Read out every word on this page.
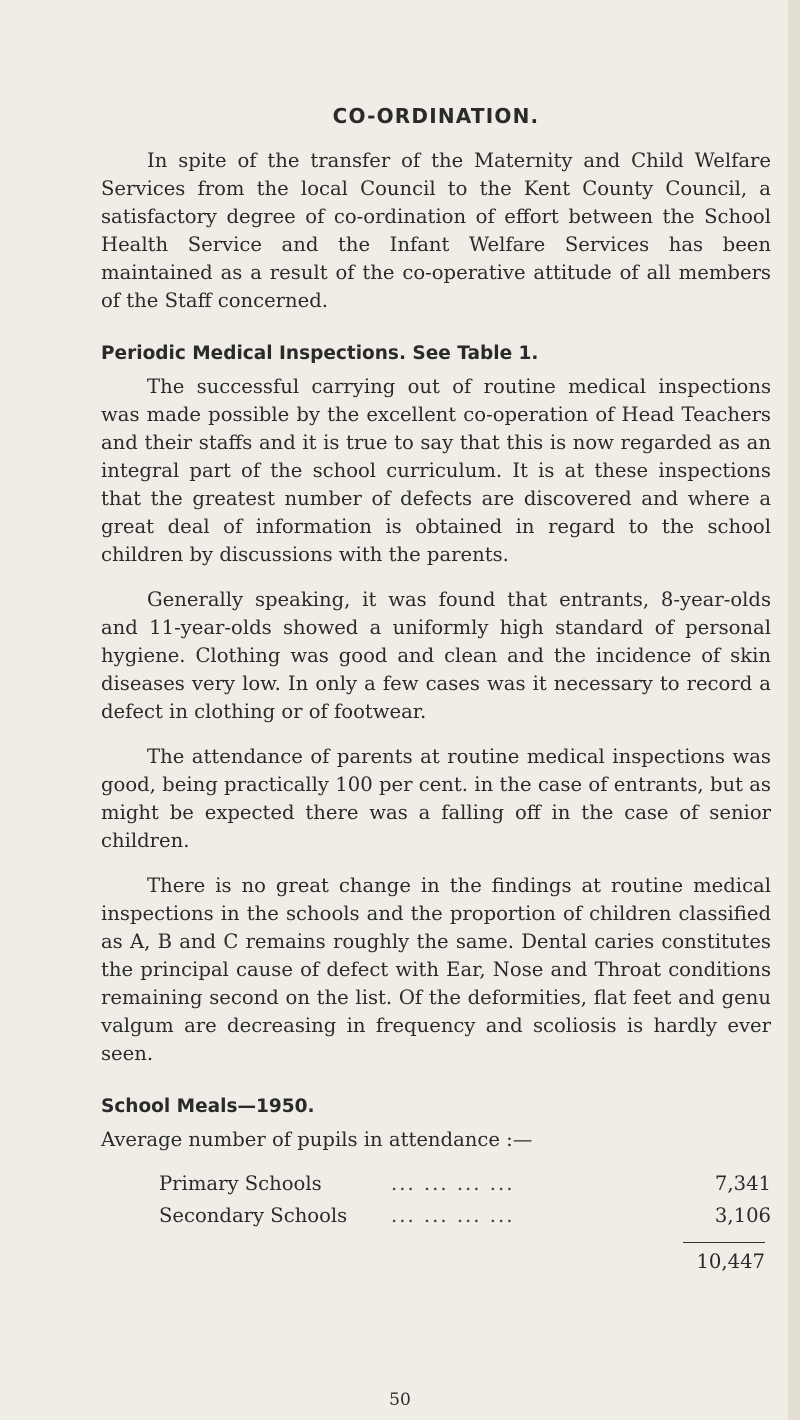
CO-ORDINATION.

In spite of the transfer of the Maternity and Child Welfare Services from the local Council to the Kent County Council, a satisfactory degree of co-ordination of effort between the School Health Service and the Infant Welfare Services has been maintained as a result of the co-operative attitude of all members of the Staff concerned.

Periodic Medical Inspections. See Table 1.

The successful carrying out of routine medical inspections was made possible by the excellent co-operation of Head Teachers and their staffs and it is true to say that this is now regarded as an integral part of the school curriculum. It is at these inspections that the greatest number of defects are discovered and where a great deal of information is obtained in regard to the school children by discussions with the parents.

Generally speaking, it was found that entrants, 8-year-olds and 11-year-olds showed a uniformly high standard of personal hygiene. Clothing was good and clean and the incidence of skin diseases very low. In only a few cases was it necessary to record a defect in clothing or of footwear.

The attendance of parents at routine medical inspections was good, being practically 100 per cent. in the case of entrants, but as might be expected there was a falling off in the case of senior children.

There is no great change in the findings at routine medical inspections in the schools and the proportion of children classified as A, B and C remains roughly the same. Dental caries constitutes the principal cause of defect with Ear, Nose and Throat conditions remaining second on the list. Of the deformities, flat feet and genu valgum are decreasing in frequency and scoliosis is hardly ever seen.

School Meals—1950.
Average number of pupils in attendance :—
Primary Schools	... ... ... ...	7,341
Secondary Schools	... ... ... ...	3,106
10,447
50
